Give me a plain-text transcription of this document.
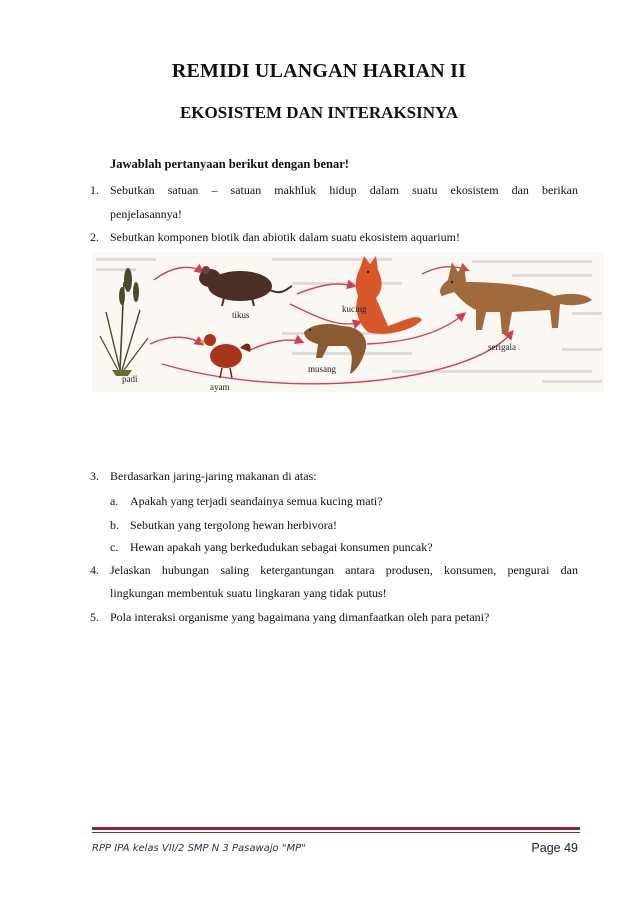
REMIDI ULANGAN HARIAN II
EKOSISTEM DAN INTERAKSINYA
Jawablah pertanyaan berikut dengan benar!
1. Sebutkan satuan – satuan makhluk hidup dalam suatu ekosistem dan berikan
penjelasannya!
2. Sebutkan komponen biotik dan abiotik dalam suatu ekosistem aquarium!
padi
tikus
kucing
serigala
ayam
musang
3. Berdasarkan jaring-jaring makanan di atas:
a. Apakah yang terjadi seandainya semua kucing mati?
b. Sebutkan yang tergolong hewan herbivora!
c. Hewan apakah yang berkedudukan sebagai konsumen puncak?
4. Jelaskan hubungan saling ketergantungan antara produsen, konsumen, pengurai dan
lingkungan membentuk suatu lingkaran yang tidak putus!
5. Pola interaksi organisme yang bagaimana yang dimanfaatkan oleh para petani?
RPP IPA kelas VII/2 SMP N 3 Pasawajo "MP"	Page 49
